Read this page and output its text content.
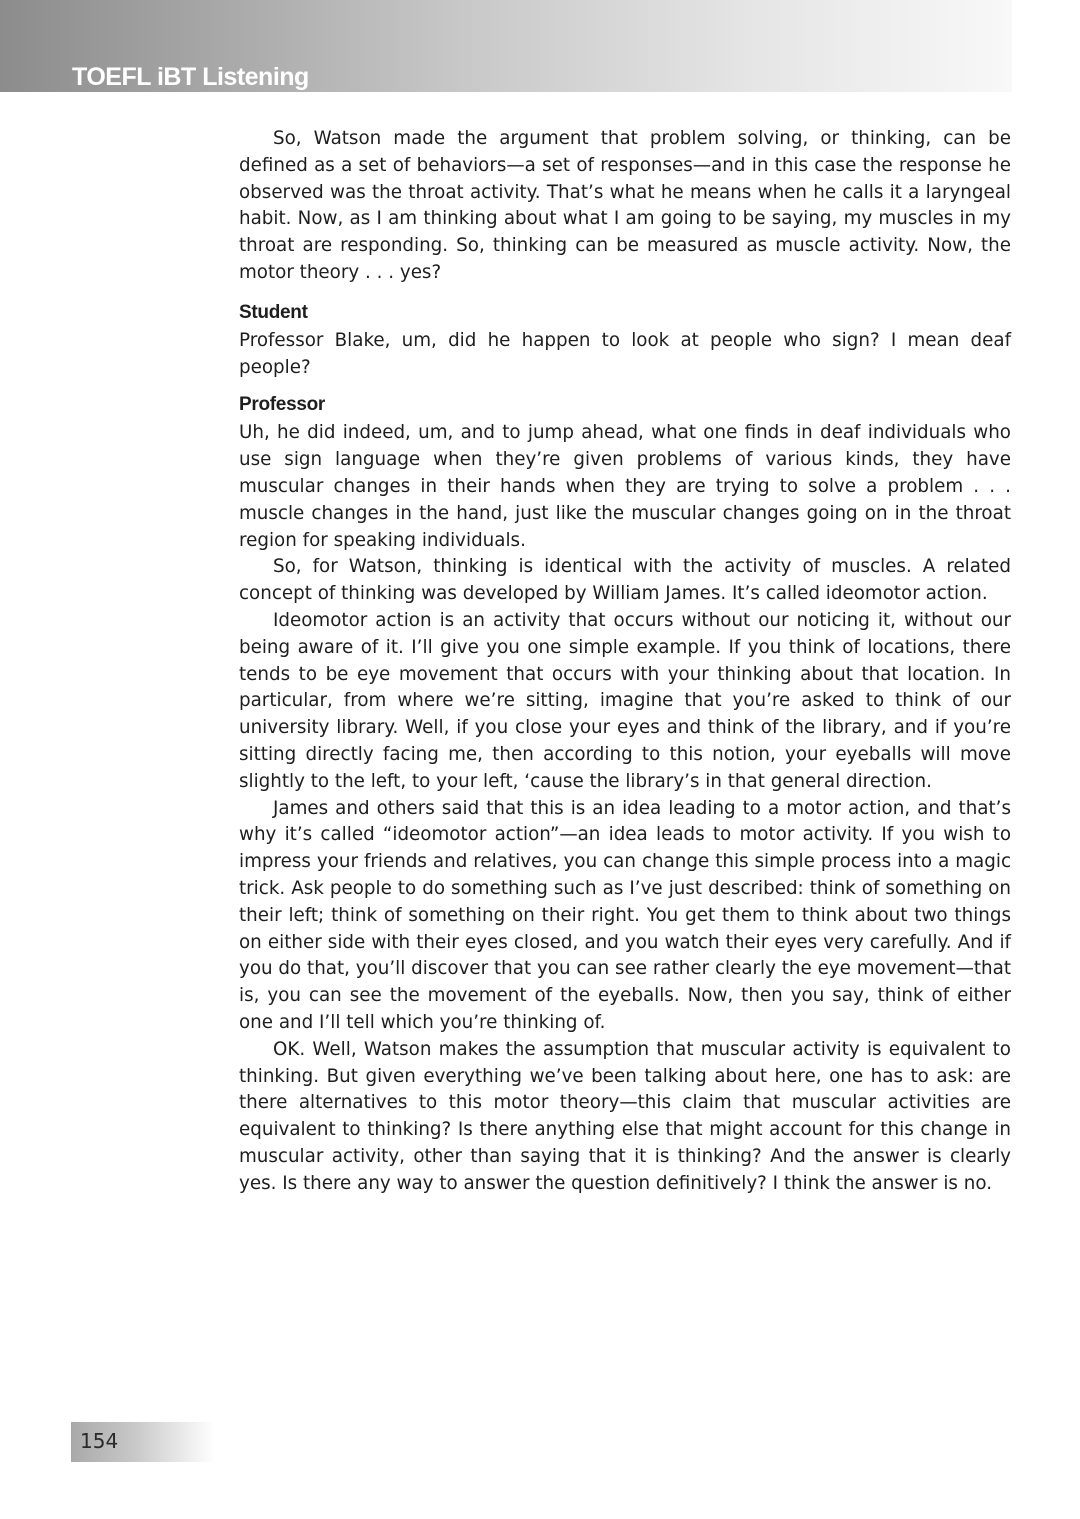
TOEFL iBT Listening

So, Watson made the argument that problem solving, or thinking, can be defined as a set of behaviors—a set of responses—and in this case the response he observed was the throat activity. That’s what he means when he calls it a laryngeal habit. Now, as I am thinking about what I am going to be saying, my muscles in my throat are responding. So, thinking can be measured as muscle activity. Now, the motor theory . . . yes?

Student

Professor Blake, um, did he happen to look at people who sign? I mean deaf people?

Professor

Uh, he did indeed, um, and to jump ahead, what one finds in deaf individuals who use sign language when they’re given problems of various kinds, they have muscular changes in their hands when they are trying to solve a problem . . . muscle changes in the hand, just like the muscular changes going on in the throat region for speaking individuals.

So, for Watson, thinking is identical with the activity of muscles. A related concept of thinking was developed by William James. It’s called ideomotor action.

Ideomotor action is an activity that occurs without our noticing it, without our being aware of it. I’ll give you one simple example. If you think of locations, there tends to be eye movement that occurs with your thinking about that location. In particular, from where we’re sitting, imagine that you’re asked to think of our university library. Well, if you close your eyes and think of the library, and if you’re sitting directly facing me, then according to this notion, your eyeballs will move slightly to the left, to your left, ‘cause the library’s in that general direction.

James and others said that this is an idea leading to a motor action, and that’s why it’s called “ideomotor action”—an idea leads to motor activity. If you wish to impress your friends and relatives, you can change this simple process into a magic trick. Ask people to do something such as I’ve just described: think of something on their left; think of something on their right. You get them to think about two things on either side with their eyes closed, and you watch their eyes very carefully. And if you do that, you’ll discover that you can see rather clearly the eye movement—that is, you can see the movement of the eyeballs. Now, then you say, think of either one and I’ll tell which you’re thinking of.

OK. Well, Watson makes the assumption that muscular activity is equivalent to thinking. But given everything we’ve been talking about here, one has to ask: are there alternatives to this motor theory—this claim that muscular activities are equivalent to thinking? Is there anything else that might account for this change in muscular activity, other than saying that it is thinking? And the answer is clearly yes. Is there any way to answer the question definitively? I think the answer is no.

154
